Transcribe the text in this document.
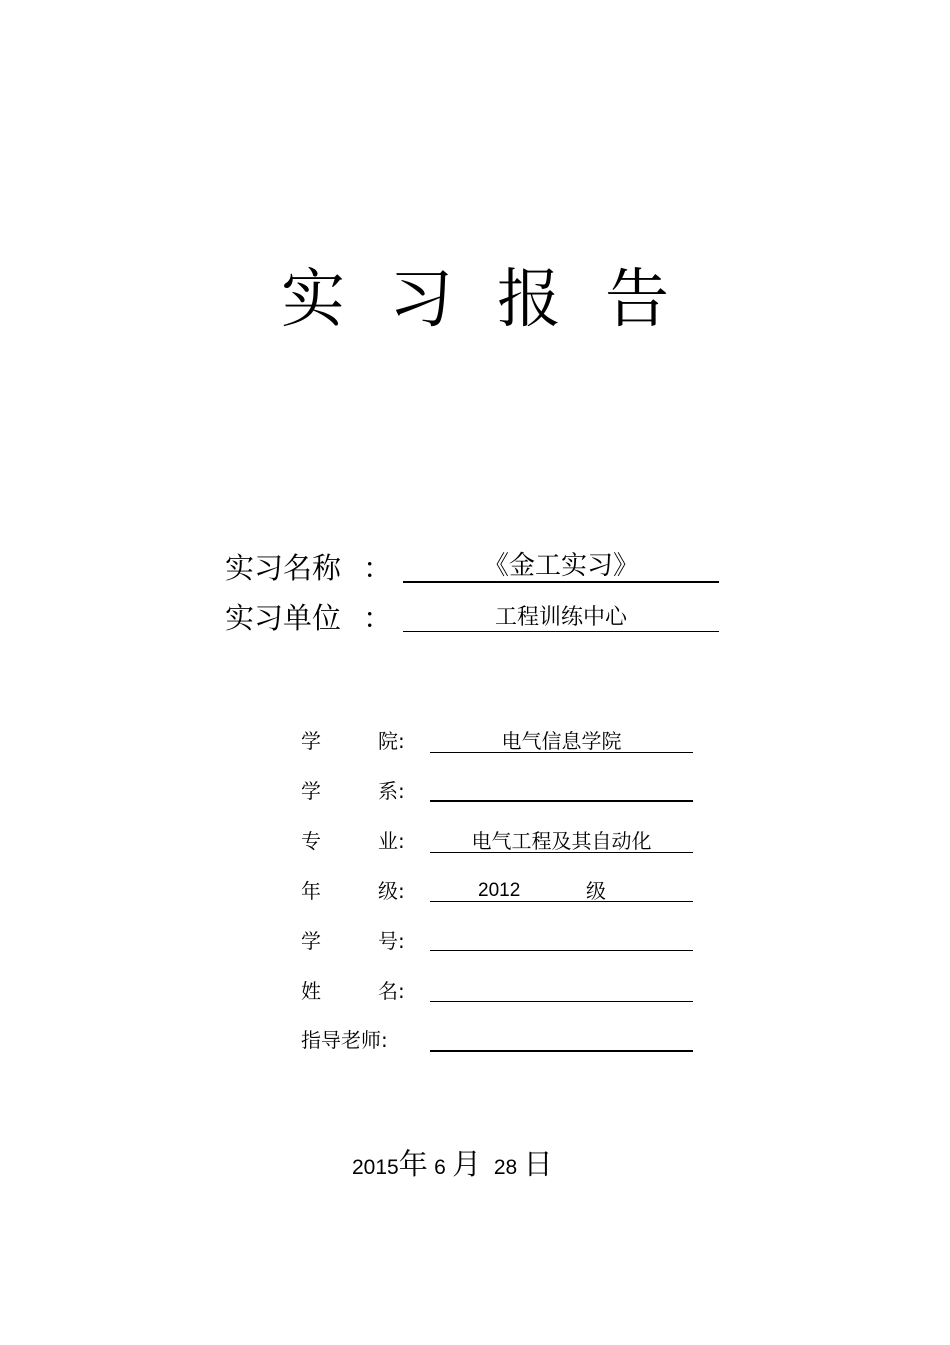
实 习 报 告
实习名称 ：	《金工实习》
实习单位 ：	工程训练中心
学	院:	电气信息学院
学	系:
专	业:	电气工程及其自动化
年	级:	2012	级
学	号:
姓	名:
指导老师:
2015年 6 月 28 日
